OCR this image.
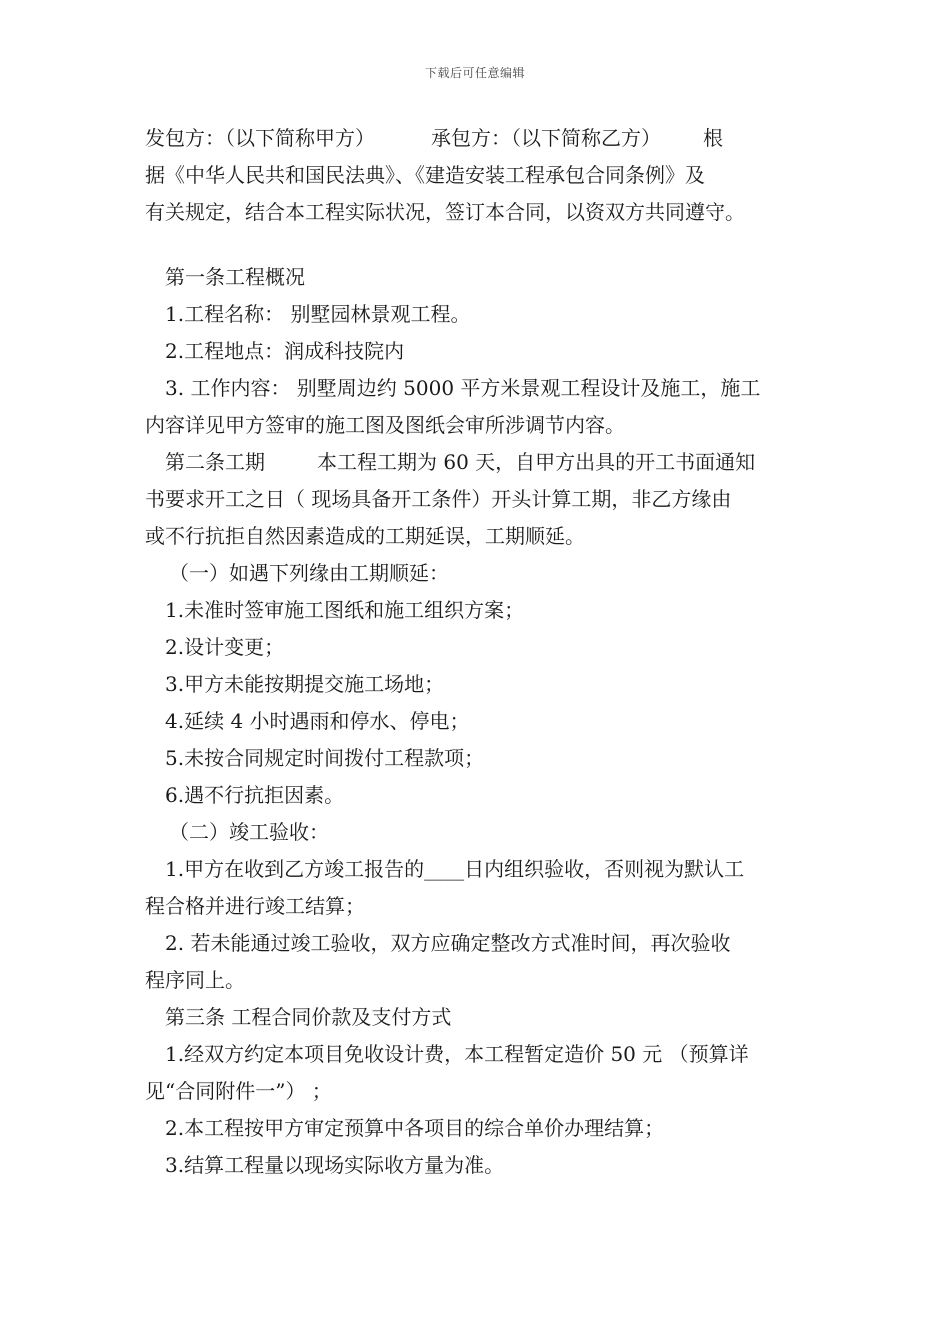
下载后可任意编辑
发包方：（以下简称甲方）	承包方：（以下简称乙方） 根
据《中华人民共和国民法典》、《建造安装工程承包合同条例》及
有关规定，结合本工程实际状况，签订本合同，以资双方共同遵守。
第一条工程概况
1.工程名称： 别墅园林景观工程。
2.工程地点：润成科技院内
3. 工作内容： 别墅周边约 5000 平方米景观工程设计及施工，施工
内容详见甲方签审的施工图及图纸会审所涉调节内容。
第二条工期	本工程工期为 60 天，自甲方出具的开工书面通知
书要求开工之日（ 现场具备开工条件）开头计算工期，非乙方缘由
或不行抗拒自然因素造成的工期延误，工期顺延。
（一）如遇下列缘由工期顺延：
1.未准时签审施工图纸和施工组织方案；
2.设计变更；
3.甲方未能按期提交施工场地；
4.延续 4 小时遇雨和停水、停电；
5.未按合同规定时间拨付工程款项；
6.遇不行抗拒因素。
（二）竣工验收：
1.甲方在收到乙方竣工报告的____日内组织验收，否则视为默认工
程合格并进行竣工结算；
2. 若未能通过竣工验收，双方应确定整改方式准时间，再次验收
程序同上。
第三条 工程合同价款及支付方式
1.经双方约定本项目免收设计费，本工程暂定造价 50 元 （预算详
见“合同附件一”） ；
2.本工程按甲方审定预算中各项目的综合单价办理结算；
3.结算工程量以现场实际收方量为准。
